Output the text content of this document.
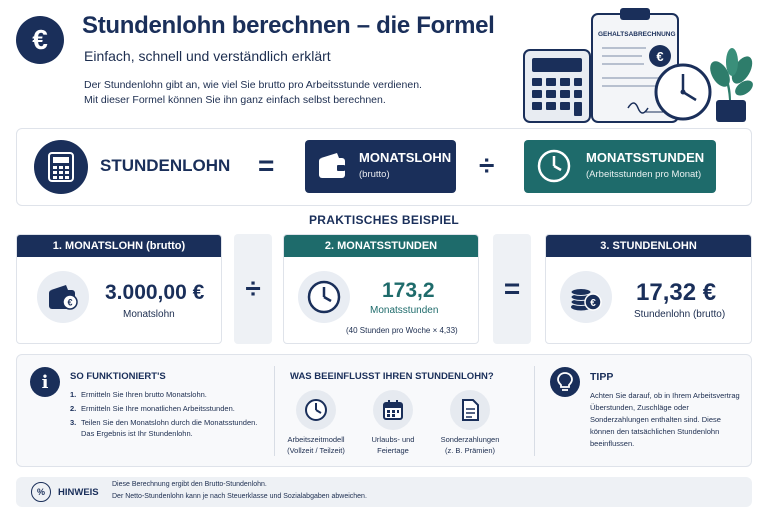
€ Stundenlohn berechnen – die Formel
Einfach, schnell und verständlich erklärt
Der Stundenlohn gibt an, wie viel Sie brutto pro Arbeitsstunde verdienen.
Mit dieser Formel können Sie ihn ganz einfach selbst berechnen.
€
GEHALTSABRECHNUNG
STUNDENLOHN =	MONATSLOHN
(brutto)	÷	MONATSSTUNDEN
(Arbeitsstunden pro Monat)
PRAKTISCHES BEISPIEL
1. MONATSLOHN (brutto)
€ 3.000,00 €
Monatslohn
÷
2. MONATSSTUNDEN
173,2
Monatsstunden
(40 Stunden pro Woche × 4,33)
=
3. STUNDENLOHN
€ 17,32 €
Stundenlohn (brutto)
i	SO FUNKTIONIERT'S
1. Ermitteln Sie Ihren brutto Monatslohn.
2. Ermitteln Sie Ihre monatlichen Arbeitsstunden.
3. Teilen Sie den Monatslohn durch die Monatsstunden. Das Ergebnis ist Ihr Stundenlohn.
WAS BEEINFLUSST IHREN STUNDENLOHN?
Arbeitszeitmodell
(Vollzeit / Teilzeit)
Urlaubs- und
Feiertage
Sonderzahlungen
(z. B. Prämien)
TIPP
Achten Sie darauf, ob in Ihrem Arbeitsvertrag Überstunden, Zuschläge oder Sonderzahlungen enthalten sind. Diese können den tatsächlichen Stundenlohn beeinflussen.
%	HINWEIS
Diese Berechnung ergibt den Brutto-Stundenlohn.
Der Netto-Stundenlohn kann je nach Steuerklasse und Sozialabgaben abweichen.
